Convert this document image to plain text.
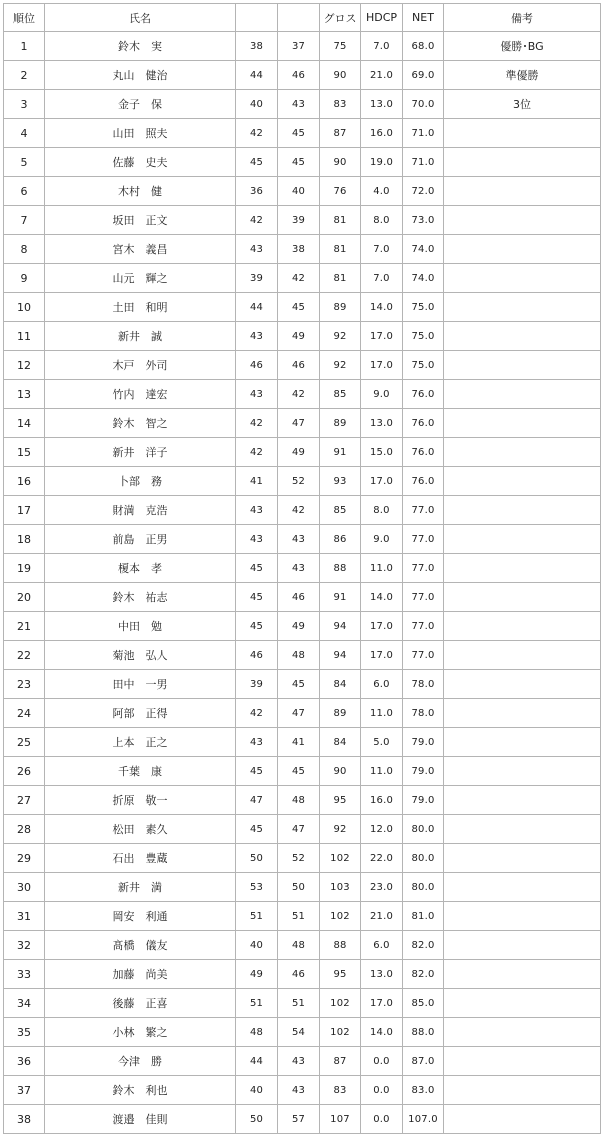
順位	氏名			グロス	HDCP	NET	備考
1	鈴木　実	38	37	75	7.0	68.0	優勝･BG
2	丸山　健治	44	46	90	21.0	69.0	準優勝
3	金子　保	40	43	83	13.0	70.0	3位
4	山田　照夫	42	45	87	16.0	71.0	
5	佐藤　史夫	45	45	90	19.0	71.0	
6	木村　健	36	40	76	4.0	72.0	
7	坂田　正文	42	39	81	8.0	73.0	
8	宮木　義昌	43	38	81	7.0	74.0	
9	山元　輝之	39	42	81	7.0	74.0	
10	土田　和明	44	45	89	14.0	75.0	
11	新井　誠	43	49	92	17.0	75.0	
12	木戸　外司	46	46	92	17.0	75.0	
13	竹内　達宏	43	42	85	9.0	76.0	
14	鈴木　智之	42	47	89	13.0	76.0	
15	新井　洋子	42	49	91	15.0	76.0	
16	卜部　務	41	52	93	17.0	76.0	
17	財満　克浩	43	42	85	8.0	77.0	
18	前島　正男	43	43	86	9.0	77.0	
19	榎本　孝	45	43	88	11.0	77.0	
20	鈴木　祐志	45	46	91	14.0	77.0	
21	中田　勉	45	49	94	17.0	77.0	
22	菊池　弘人	46	48	94	17.0	77.0	
23	田中　一男	39	45	84	6.0	78.0	
24	阿部　正得	42	47	89	11.0	78.0	
25	上本　正之	43	41	84	5.0	79.0	
26	千葉　康	45	45	90	11.0	79.0	
27	折原　敬一	47	48	95	16.0	79.0	
28	松田　素久	45	47	92	12.0	80.0	
29	石出　豊蔵	50	52	102	22.0	80.0	
30	新井　満	53	50	103	23.0	80.0	
31	岡安　利通	51	51	102	21.0	81.0	
32	髙橋　儀友	40	48	88	6.0	82.0	
33	加藤　尚美	49	46	95	13.0	82.0	
34	後藤　正喜	51	51	102	17.0	85.0	
35	小林　繁之	48	54	102	14.0	88.0	
36	今津　勝	44	43	87	0.0	87.0	
37	鈴木　利也	40	43	83	0.0	83.0	
38	渡邉　佳則	50	57	107	0.0	107.0	
